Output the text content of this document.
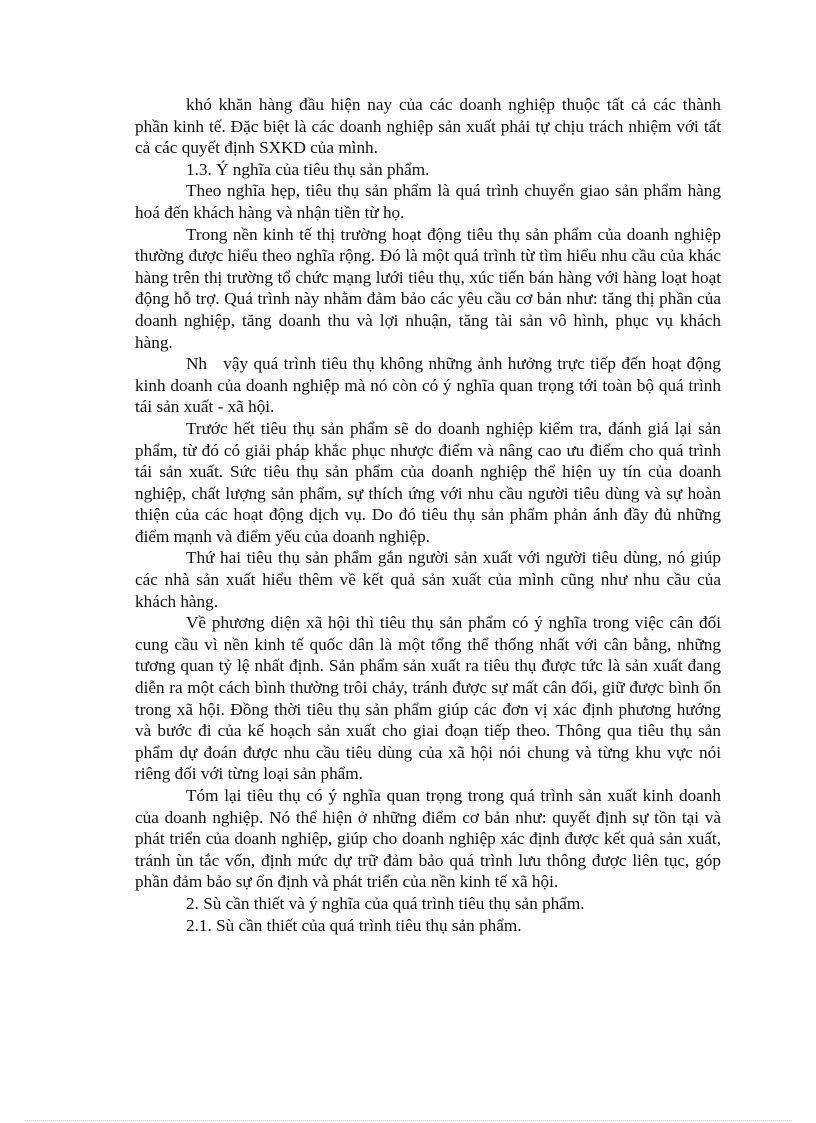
khó khăn hàng đầu hiện nay của các doanh nghiệp thuộc tất cả các thành phần kinh tế. Đặc biệt là các doanh nghiệp sản xuất phải tự chịu trách nhiệm với tất cả các quyết định SXKD của mình.

1.3. Ý nghĩa của tiêu thụ sản phẩm.

Theo nghĩa hẹp, tiêu thụ sản phẩm là quá trình chuyển giao sản phẩm hàng hoá đến khách hàng và nhận tiền từ họ.

Trong nền kinh tế thị trường hoạt động tiêu thụ sản phẩm của doanh nghiệp thường được hiểu theo nghĩa rộng. Đó là một quá trình từ tìm hiểu nhu cầu của khác hàng trên thị trường tổ chức mạng lưới tiêu thụ, xúc tiến bán hàng với hàng loạt hoạt động hỗ trợ. Quá trình này nhằm đảm bảo các yêu cầu cơ bản như: tăng thị phần của doanh nghiệp, tăng doanh thu và lợi nhuận, tăng tài sản vô hình, phục vụ khách hàng.

Nh   vậy quá trình tiêu thụ không những ảnh hưởng trực tiếp đến hoạt động kinh doanh của doanh nghiệp mà nó còn có ý nghĩa quan trọng tới toàn bộ quá trình tái sản xuất - xã hội.

Trước hết tiêu thụ sản phẩm sẽ do doanh nghiệp kiểm tra, đánh giá lại sản phẩm, từ đó có giải pháp khắc phục nhược điểm và nâng cao ưu điểm cho quá trình tái sản xuất. Sức tiêu thụ sản phẩm của doanh nghiệp thể hiện uy tín của doanh nghiệp, chất lượng sản phẩm, sự thích ứng với nhu cầu người tiêu dùng và sự hoàn thiện của các hoạt động dịch vụ. Do đó tiêu thụ sản phẩm phản ánh đầy đủ những điểm mạnh và điểm yếu của doanh nghiệp.

Thứ hai tiêu thụ sản phẩm gắn người sản xuất với người tiêu dùng, nó giúp các nhà sản xuất hiểu thêm về kết quả sản xuất của mình cũng như nhu cầu của khách hàng.

Về phương diện xã hội thì tiêu thụ sản phẩm có ý nghĩa trong việc cân đối cung cầu vì nền kinh tế quốc dân là một tổng thể thống nhất với cân bằng, những tương quan tỷ lệ nhất định. Sản phẩm sản xuất ra tiêu thụ được tức là sản xuất đang diễn ra một cách bình thường trôi chảy, tránh được sự mất cân đối, giữ được bình ổn trong xã hội. Đồng thời tiêu thụ sản phẩm giúp các đơn vị xác định phương hướng và bước đi của kế hoạch sản xuất cho giai đoạn tiếp theo. Thông qua tiêu thụ sản phẩm dự đoán được nhu cầu tiêu dùng của xã hội nói chung và từng khu vực nói riêng đối với từng loại sản phẩm.

Tóm lại tiêu thụ có ý nghĩa quan trọng trong quá trình sản xuất kinh doanh của doanh nghiệp. Nó thể hiện ở những điểm cơ bản như: quyết định sự tồn tại và phát triển của doanh nghiệp, giúp cho doanh nghiệp xác định được kết quả sản xuất, tránh ùn tắc vốn, định mức dự trữ đảm bảo quá trình lưu thông được liên tục, góp phần đảm bảo sự ổn định và phát triển của nền kinh tế xã hội.

2. Sù cần thiết và ý nghĩa của quá trình tiêu thụ sản phẩm.

2.1. Sù cần thiết của quá trình tiêu thụ sản phẩm.
